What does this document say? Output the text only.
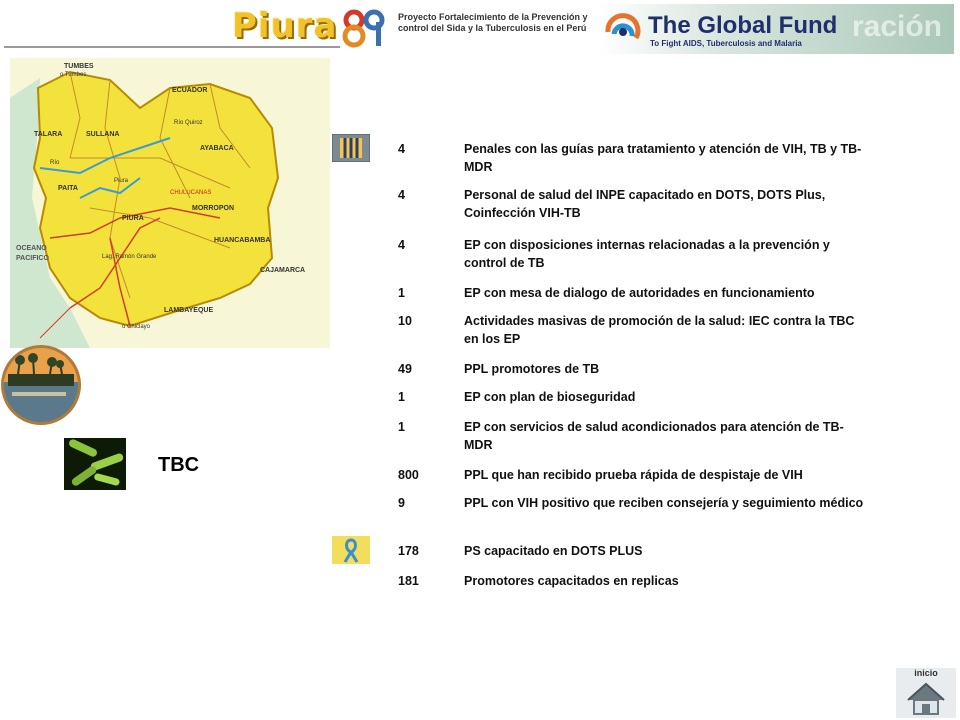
Piura	Proyecto Fortalecimiento de la Prevención y control del Sida y la Tuberculosis en el Perú	ración
The Global Fund
To Fight AIDS, Tuberculosis and Malaria
TUMBES
o Tumbes
ECUADOR
TALARA	SULLANA
Río
Río Quiroz
PAITA
Piura
AYABACA
CHULUCANAS
MORROPON
PIURA
HUANCABAMBA
OCEANO
PACIFICO	Lag. Ramón Grande
CAJAMARCA
LAMBAYEQUE
o Chiclayo
TBC
4	Penales con las guías para tratamiento y atención de VIH, TB y TB-MDR
4	Personal de salud del INPE capacitado en DOTS, DOTS Plus, Coinfección VIH-TB
4	EP con disposiciones internas relacionadas a la prevención y control de TB
1	EP con mesa de dialogo de autoridades en funcionamiento
10	Actividades masivas de promoción de la salud: IEC contra la TBC en los EP
49	PPL promotores de TB
1	EP con plan de bioseguridad
1	EP con servicios de salud acondicionados para atención de TB-MDR
800	PPL que han recibido prueba rápida de despistaje de VIH
9	PPL con VIH positivo que reciben consejería y seguimiento médico
178	PS capacitado en DOTS PLUS
181	Promotores capacitados en replicas
inicio
